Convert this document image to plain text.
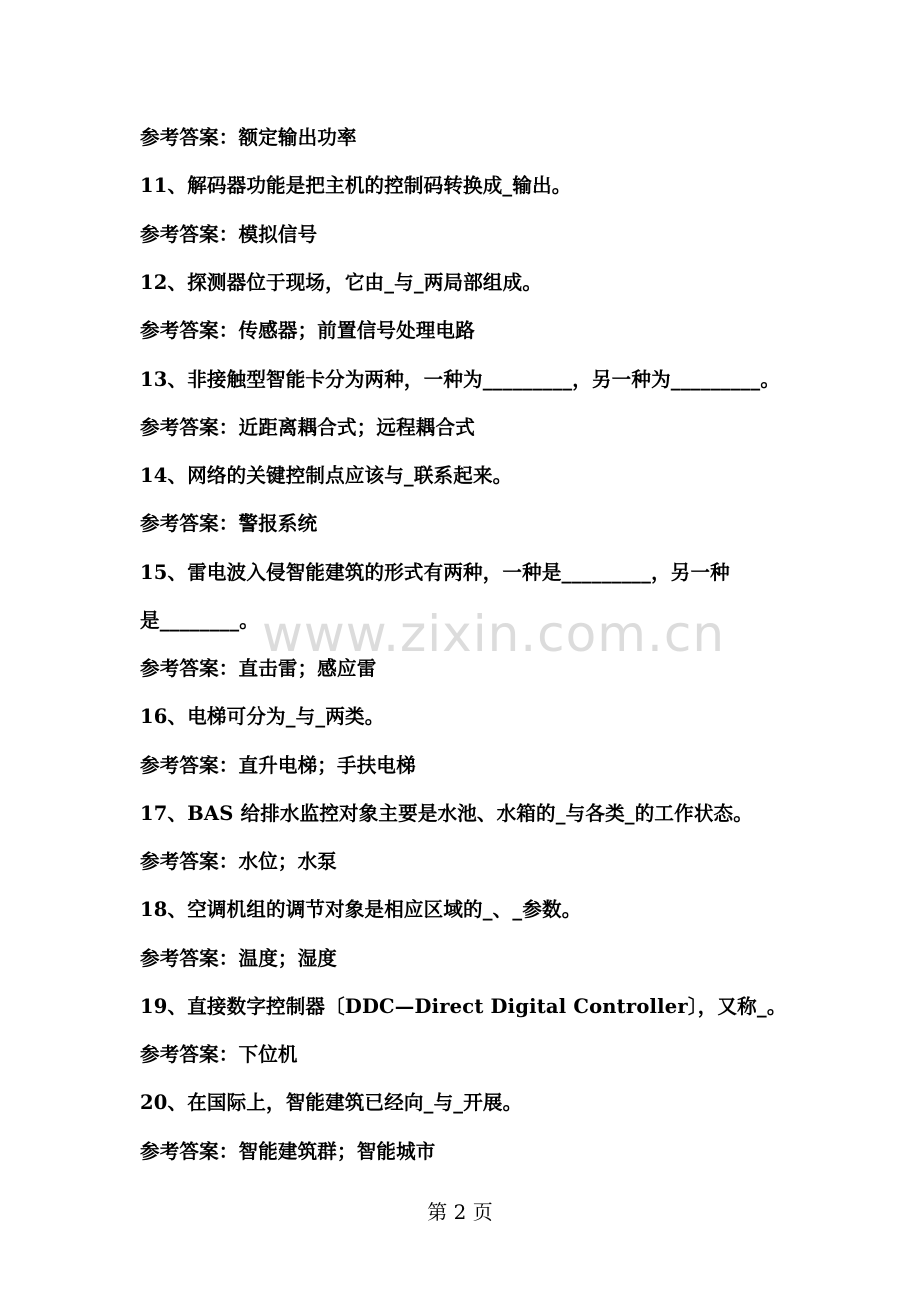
www.zixin.com.cn
参考答案：额定输出功率
11、解码器功能是把主机的控制码转换成_输出。
参考答案：模拟信号
12、探测器位于现场，它由_与_两局部组成。
参考答案：传感器；前置信号处理电路
13、非接触型智能卡分为两种，一种为_________，另一种为_________。
参考答案：近距离耦合式；远程耦合式
14、网络的关键控制点应该与_联系起来。
参考答案：警报系统
15、雷电波入侵智能建筑的形式有两种，一种是_________，另一种
是________。
参考答案：直击雷；感应雷
16、电梯可分为_与_两类。
参考答案：直升电梯；手扶电梯
17、BAS 给排水监控对象主要是水池、水箱的_与各类_的工作状态。
参考答案：水位；水泵
18、空调机组的调节对象是相应区域的_、_参数。
参考答案：温度；湿度
19、直接数字控制器〔DDC—Direct Digital Controller〕，又称_。
参考答案：下位机
20、在国际上，智能建筑已经向_与_开展。
参考答案：智能建筑群；智能城市
第 2 页
